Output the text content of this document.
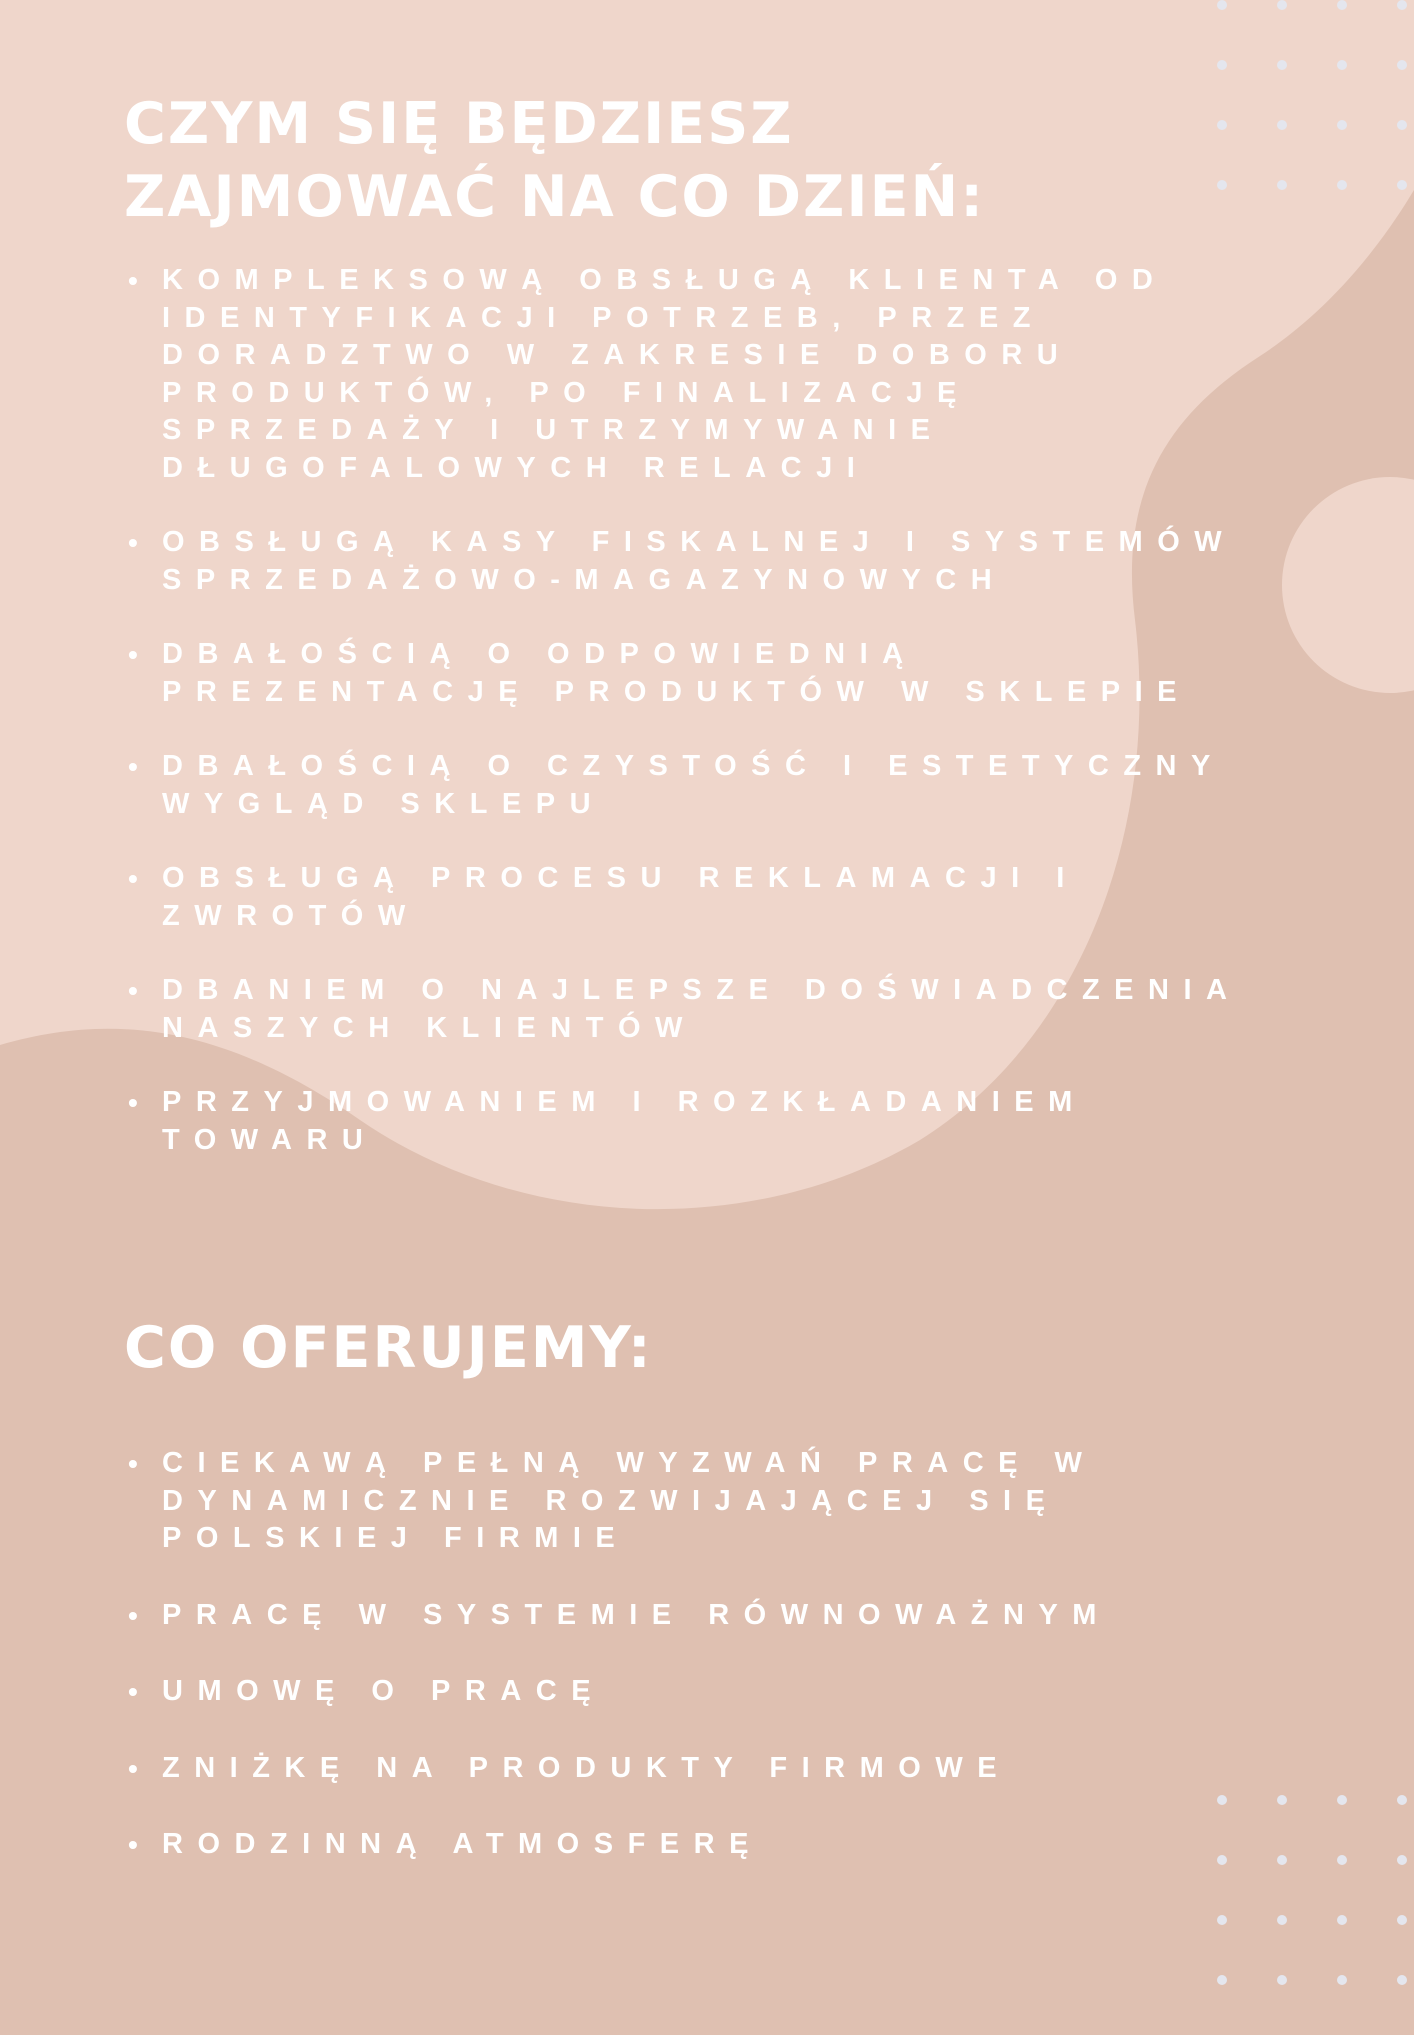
CZYM SIĘ BĘDZIESZ ZAJMOWAĆ NA CO DZIEŃ:
• KOMPLEKSOWĄ OBSŁUGĄ KLIENTA OD IDENTYFIKACJI POTRZEB, PRZEZ DORADZTWO W ZAKRESIE DOBORU PRODUKTÓW, PO FINALIZACJĘ SPRZEDAŻY I UTRZYMYWANIE DŁUGOFALOWYCH RELACJI
• OBSŁUGĄ KASY FISKALNEJ I SYSTEMÓW SPRZEDAŻOWO-MAGAZYNOWYCH
• DBAŁOŚCIĄ O ODPOWIEDNIĄ PREZENTACJĘ PRODUKTÓW W SKLEPIE
• DBAŁOŚCIĄ O CZYSTOŚĆ I ESTETYCZNY WYGLĄD SKLEPU
• OBSŁUGĄ PROCESU REKLAMACJI I ZWROTÓW
• DBANIEM O NAJLEPSZE DOŚWIADCZENIA NASZYCH KLIENTÓW
• PRZYJMOWANIEM I ROZKŁADANIEM TOWARU
CO OFERUJEMY:
• CIEKAWĄ PEŁNĄ WYZWAŃ PRACĘ W DYNAMICZNIE ROZWIJAJĄCEJ SIĘ POLSKIEJ FIRMIE
• PRACĘ W SYSTEMIE RÓWNOWAŻNYM
• UMOWĘ O PRACĘ
• ZNIŻKĘ NA PRODUKTY FIRMOWE
• RODZINNĄ ATMOSFERĘ
